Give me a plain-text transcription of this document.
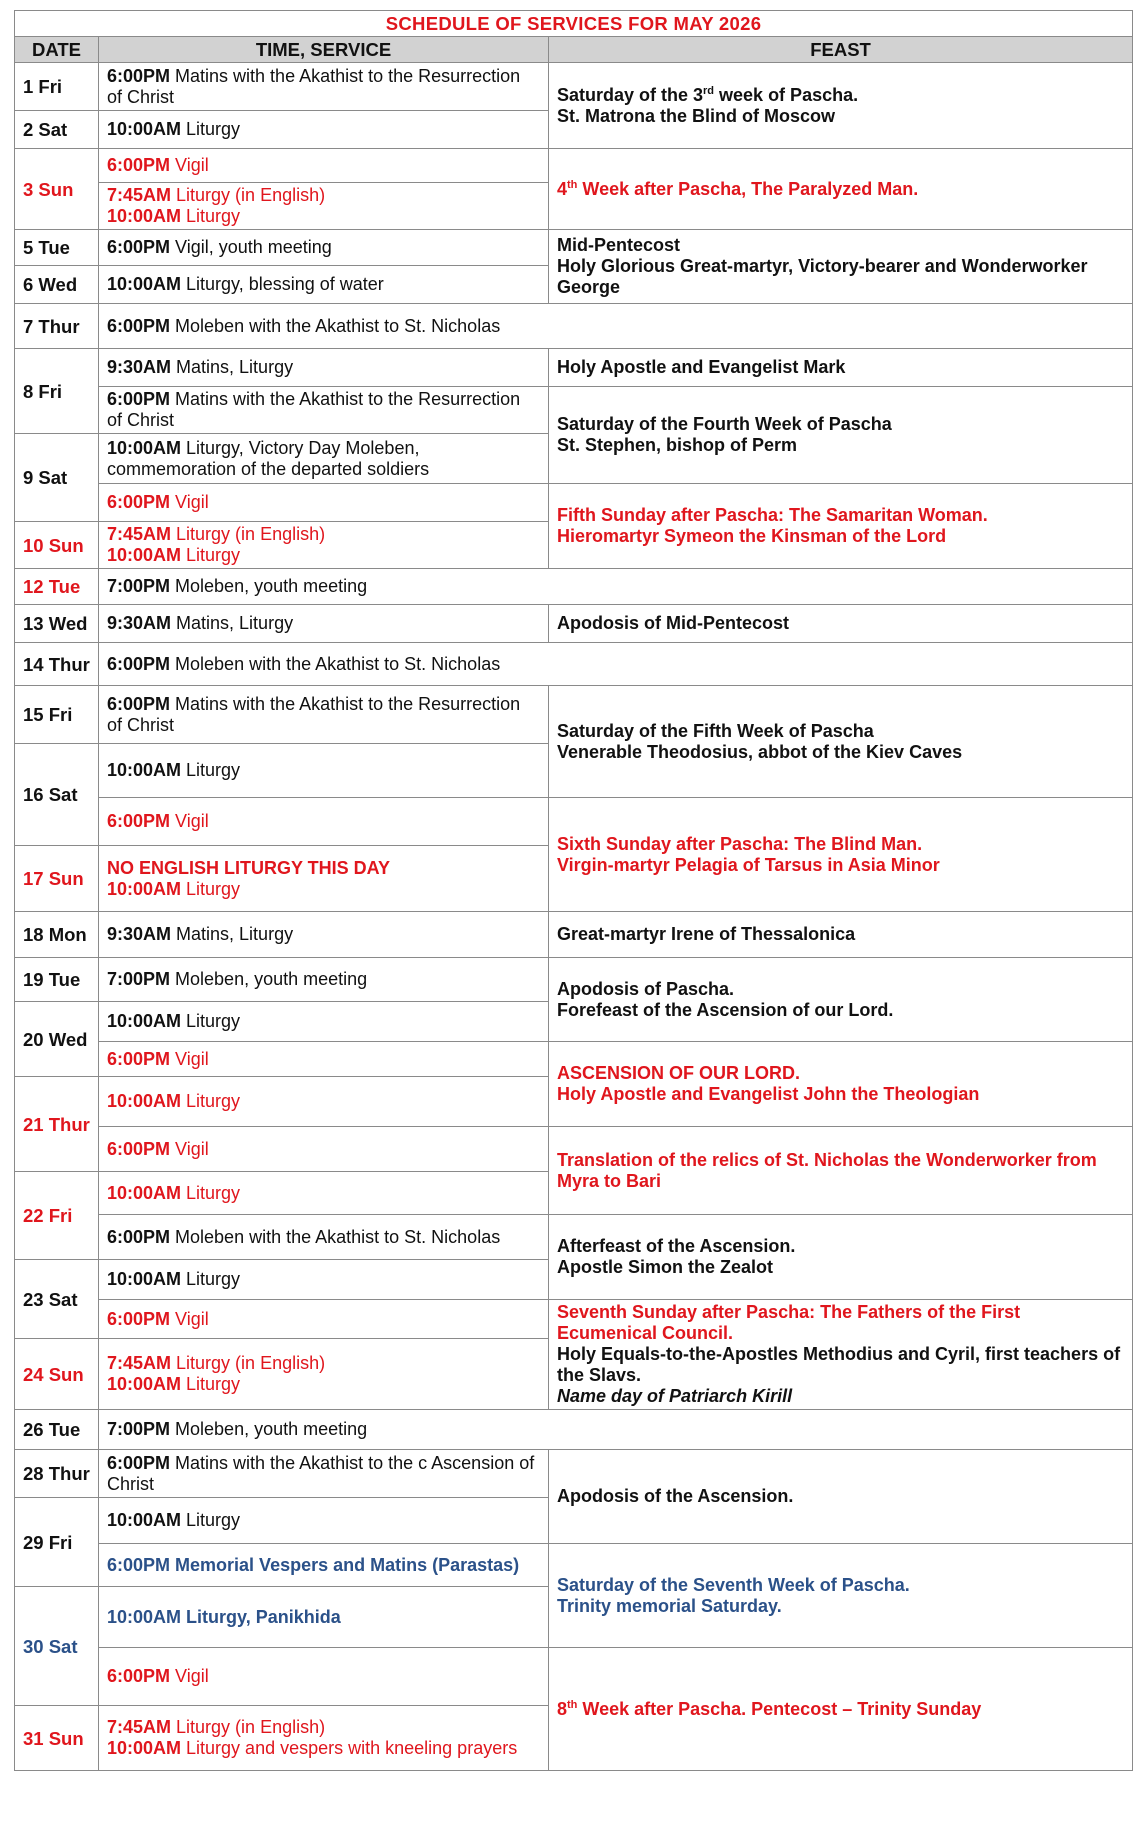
SCHEDULE OF SERVICES FOR MAY 2026		
DATE	TIME, SERVICE	FEAST
1 Fri	6:00PM Matins with the Akathist to the Resurrection of Christ	Saturday of the 3rd week of Pascha.
St. Matrona the Blind of Moscow

2 Sat	10:00AM Liturgy	

3 Sun	6:00PM Vigil	4th Week after Pascha, The Paralyzed Man.

	7:45AM Liturgy (in English)
10:00AM Liturgy	

5 Tue	6:00PM Vigil, youth meeting	Mid-Pentecost
Holy Glorious Great-martyr, Victory-bearer and Wonderworker George

6 Wed	10:00AM Liturgy, blessing of water	

7 Thur	6:00PM Moleben with the Akathist to St. Nicholas	

8 Fri	9:30AM Matins, Liturgy	Holy Apostle and Evangelist Mark

	6:00PM Matins with the Akathist to the Resurrection of Christ	Saturday of the Fourth Week of Pascha
St. Stephen, bishop of Perm

9 Sat	10:00AM Liturgy, Victory Day Moleben, commemoration of the departed soldiers	

	6:00PM Vigil	Fifth Sunday after Pascha: The Samaritan Woman.
Hieromartyr Symeon the Kinsman of the Lord

10 Sun	7:45AM Liturgy (in English)
10:00AM Liturgy	

12 Tue	7:00PM Moleben, youth meeting	

13 Wed	9:30AM Matins, Liturgy	Apodosis of Mid-Pentecost

14 Thur	6:00PM Moleben with the Akathist to St. Nicholas	

15 Fri	6:00PM Matins with the Akathist to the Resurrection of Christ	Saturday of the Fifth Week of Pascha
Venerable Theodosius, abbot of the Kiev Caves

16 Sat	10:00AM Liturgy	

	6:00PM Vigil	Sixth Sunday after Pascha: The Blind Man.
Virgin-martyr Pelagia of Tarsus in Asia Minor

17 Sun	NO ENGLISH LITURGY THIS DAY
10:00AM Liturgy	

18 Mon	9:30AM Matins, Liturgy	Great-martyr Irene of Thessalonica

19 Tue	7:00PM Moleben, youth meeting	Apodosis of Pascha.
Forefeast of the Ascension of our Lord.

20 Wed	10:00AM Liturgy	

	6:00PM Vigil	ASCENSION OF OUR LORD.
Holy Apostle and Evangelist John the Theologian

21 Thur	10:00AM Liturgy	

	6:00PM Vigil	Translation of the relics of St. Nicholas the Wonderworker from Myra to Bari

22 Fri	10:00AM Liturgy	

	6:00PM Moleben with the Akathist to St. Nicholas	Afterfeast of the Ascension.
Apostle Simon the Zealot

23 Sat	10:00AM Liturgy	

	6:00PM Vigil	Seventh Sunday after Pascha: The Fathers of the First Ecumenical Council.
Holy Equals-to-the-Apostles Methodius and Cyril, first teachers of the Slavs.
Name day of Patriarch Kirill

24 Sun	7:45AM Liturgy (in English)
10:00AM Liturgy	

26 Tue	7:00PM Moleben, youth meeting	

28 Thur	6:00PM Matins with the Akathist to the c Ascension of Christ	Apodosis of the Ascension.

29 Fri	10:00AM Liturgy	

	6:00PM Memorial Vespers and Matins (Parastas)	Saturday of the Seventh Week of Pascha.
Trinity memorial Saturday.

30 Sat	10:00AM Liturgy, Panikhida	

	6:00PM Vigil	8th Week after Pascha. Pentecost – Trinity Sunday

31 Sun	7:45AM Liturgy (in English)
10:00AM Liturgy and vespers with kneeling prayers	
